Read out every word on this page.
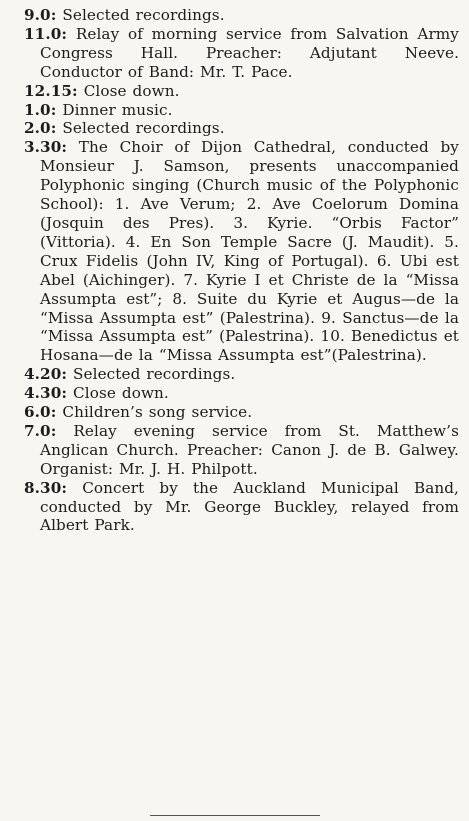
9.0: Selected recordings.
11.0: Relay of morning service from Salvation Army Congress Hall. Preacher: Adjutant Neeve. Conductor of Band: Mr. T. Pace.
12.15: Close down.
1.0: Dinner music.
2.0: Selected recordings.
3.30: The Choir of Dijon Cathedral, conducted by Monsieur J. Samson, presents unaccompanied Polyphonic singing (Church music of the Polyphonic School): 1. Ave Verum; 2. Ave Coelorum Domina (Josquin des Pres). 3. Kyrie. “Orbis Factor” (Vittoria). 4. En Son Temple Sacre (J. Maudit). 5. Crux Fidelis (John IV, King of Portugal). 6. Ubi est Abel (Aichinger). 7. Kyrie I et Christe de la “Missa Assumpta est”; 8. Suite du Kyrie et Augus—de la “Missa Assumpta est” (Palestrina). 9. Sanctus—de la “Missa Assumpta est” (Palestrina). 10. Benedictus et Hosana—de la “Missa Assumpta est”(Palestrina).
4.20: Selected recordings.
4.30: Close down.
6.0: Children’s song service.
7.0: Relay evening service from St. Matthew’s Anglican Church. Preacher: Canon J. de B. Galwey. Organist: Mr. J. H. Philpott.
8.30: Concert by the Auckland Municipal Band, conducted by Mr. George Buckley, relayed from Albert Park.
